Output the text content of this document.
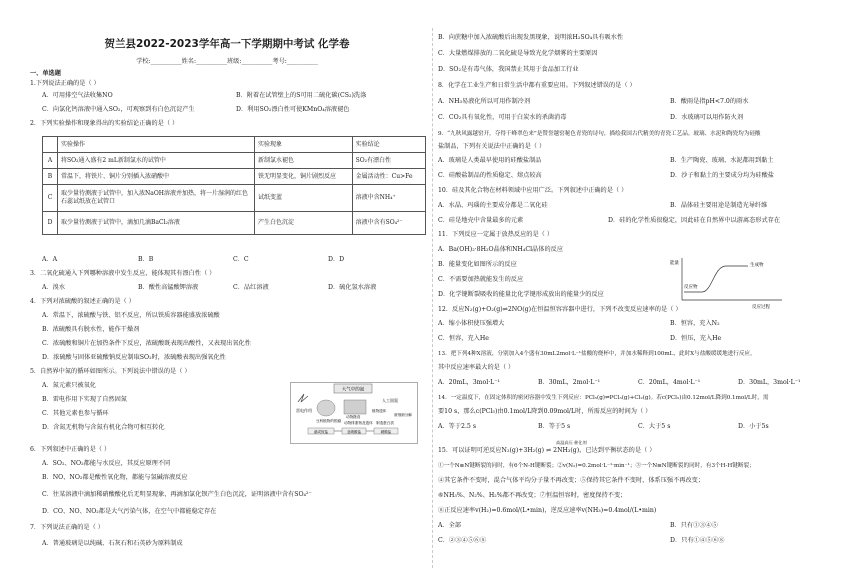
贺兰县2022-2023学年高一下学期期中考试 化学卷
学校:__________姓名:__________班级:__________考号:__________
一、单选题
1.下列说法正确的是（ ）
A．可用排空气法收集NO	B．附着在试管壁上的S可用二硫化碳(CS₂)洗涤
C．向氯化钙溶液中通入SO₂，可观察到有白色沉淀产生	D．利用SO₂漂白性可使KMnO₄溶液褪色
2．下列实验操作和现象得出的实验结论正确的是（ ）
	实验操作	实验现象	实验结论
A	将SO₂通入盛有2 mL新制氯水的试管中	新制氯水褪色	SO₂有漂白性
B	常温下，将铁片、铜片分别插入浓硝酸中	铁无明显变化，铜片剧烈反应	金属活动性：Cu>Fe
C	取少量待测液于试管中，加入浓NaOH溶液并加热，将一片湿润的红色石蕊试纸放在试管口	试纸变蓝	溶液中含NH₄⁺
D	取少量待测液于试管中，滴加几滴BaCl₂溶液	产生白色沉淀	溶液中含有SO₄²⁻
A．A	B．B	C．C	D．D
3．二氧化硫通入下列哪种溶液中发生反应，能体现其有漂白性（ ）
A．溴水	B．酸性高锰酸钾溶液	C．品红溶液	D．硫化氢水溶液
4．下列对浓硫酸的叙述正确的是（ ）
A．常温下，浓硫酸与铁、铝不反应，所以铁质容器能盛放浓硫酸
B．浓硫酸具有脱水性，能作干燥剂
C．浓硫酸和铜片在加热条件下反应，浓硫酸既表现出酸性，又表现出氧化性
D．浓硫酸与固体亚硫酸钠反应制取SO₂时，浓硫酸表现出强氧化性
5．自然界中氮的循环如图所示。下列说法中错误的是（ ）
A．氮元素只被氧化
B．雷电作用下实现了自然固氮
C．其他元素也参与循环
D．含氮无机物与含氮有机化合物可相互转化
大气中的氮
雷电作用
人工固氮
豆科植物的根瘤
动物摄食
植物遗体
动物排泄物及遗体
被细菌分解
氨或铵盐	亚硝酸盐	硝酸盐
制造蛋白质
6．下列叙述中正确的是（ ）
A．SO₂、NO₂都能与水反应，其反应原理不同
B．NO、NO₂都是酸性氧化物，都能与氢碱溶液反应
C．往某溶液中滴加稀硝酸酸化后无明显现象，再滴加氯化钡产生白色沉淀，证明溶液中含有SO₄²⁻
D．CO、NO、NO₂都是大气污染气体，在空气中都能稳定存在
7．下列说法正确的是（ ）
A．普通玻璃是以纯碱、石灰石和石英砂为原料制成
B．向蔗糖中加入浓硫酸后出现发黑现象，说明浓H₂SO₄具有吸水性
C．大量燃煤排放的二氧化硫是导致光化学烟雾的主要原因
D．SO₂是有毒气体，我国禁止其用于食品加工行业
8．化学在工业生产和日常生活中都有重要应用。下列叙述错误的是（ ）
A．NH₃易液化所以可用作制冷剂	B．酸雨是指pH<7.0的雨水
C．CO₂具有氧化性，可用于白炭水的杀菌消毒	D．水玻璃可以用作防火剂
9．“九秋风露越窑开，夺得千峰翠色来”是赞誉越窑秘色青瓷的诗句，描绘我国古代精美的青瓷工艺品。玻璃、水泥和陶瓷均为硅酸
盐制品，下列有关说法中正确的是（ ）
A．玻璃是人类最早使用的硅酸盐制品	B．生产陶瓷、玻璃、水泥都用到黏土
C．硅酸盐制品的性质稳定、熔点较高	D．沙子和黏土的主要成分均为硅酸盐
10．硅及其化合物在材料领域中应用广泛。下列叙述中正确的是（ ）
A．水晶、玛瑙的主要成分都是二氧化硅	B．晶体硅主要用途是制造光导纤维
C．硅是地壳中含量最多的元素	D．硅的化学性质很稳定，因此硅在自然界中以游离态形式存在
11．下列反应一定属于放热反应的是（ ）
A．Ba(OH)₂·8H₂O晶体和NH₄Cl晶体的反应
B．能量变化如图所示的反应
C．不需要加热就能发生的反应
D．化学键断裂吸收的能量比化学键形成放出的能量少的反应
能量
反应过程
生成物
反应物
12．反应N₂(g)+O₂(g)⇌2NO(g)在恒温恒容容器中进行，下列不改变反应速率的是（ ）
A．缩小体积使压强增大	B．恒容，充入N₂
C．恒容，充入He	D．恒压，充入He
13．把下列4种X溶液，分别加入4个盛有30mL2mol·L⁻¹盐酸的烧杯中，并加水稀释到100mL，此时X与盐酸缓缓地进行反应，
其中反应速率最大的是（ ）
A．20mL，3mol·L⁻¹	B．30mL，2mol·L⁻¹	C．20mL，4mol·L⁻¹	D．30mL，3mol·L⁻¹
14．一定温度下，在固定体积的密闭容器中发生下列反应：PCl₅(g)⇌PCl₃(g)+Cl₂(g)。若c(PCl₅)由0.12mol/L降到0.1mol/L时，需
要10 s，那么c(PCl₅)由0.1mol/L降到0.09mol/L时，所需反应的时间为（ ）
A．等于2.5 s	B．等于5 s	C．大于5 s	D．小于5s
高温高压 催化剂
15．可以证明可逆反应N₂(g)+3H₂(g) ⇌ 2NH₃(g)，已达到平衡状态的是（ ）
①一个N≡N键断裂的同时，有6个N-H键断裂；②v(N₂)=0.2mol·L⁻¹·min⁻¹；③一个N≡N键断裂的同时，有3个H-H键断裂；
④其它条件不变时，混合气体平均分子量不再改变；⑤保持其它条件不变时，体系压强不再改变；
⑥NH₃%、N₂%、H₂%都不再改变；⑦恒温恒容时，密度保持不变；
⑧正反应速率v(H₂)=0.6mol/(L•min)，逆反应速率v(NH₃)=0.4mol/(L•min)
A．全部	B．只有①③④⑤
C．②③④⑤⑥⑧	D．只有①④⑤⑥⑧
